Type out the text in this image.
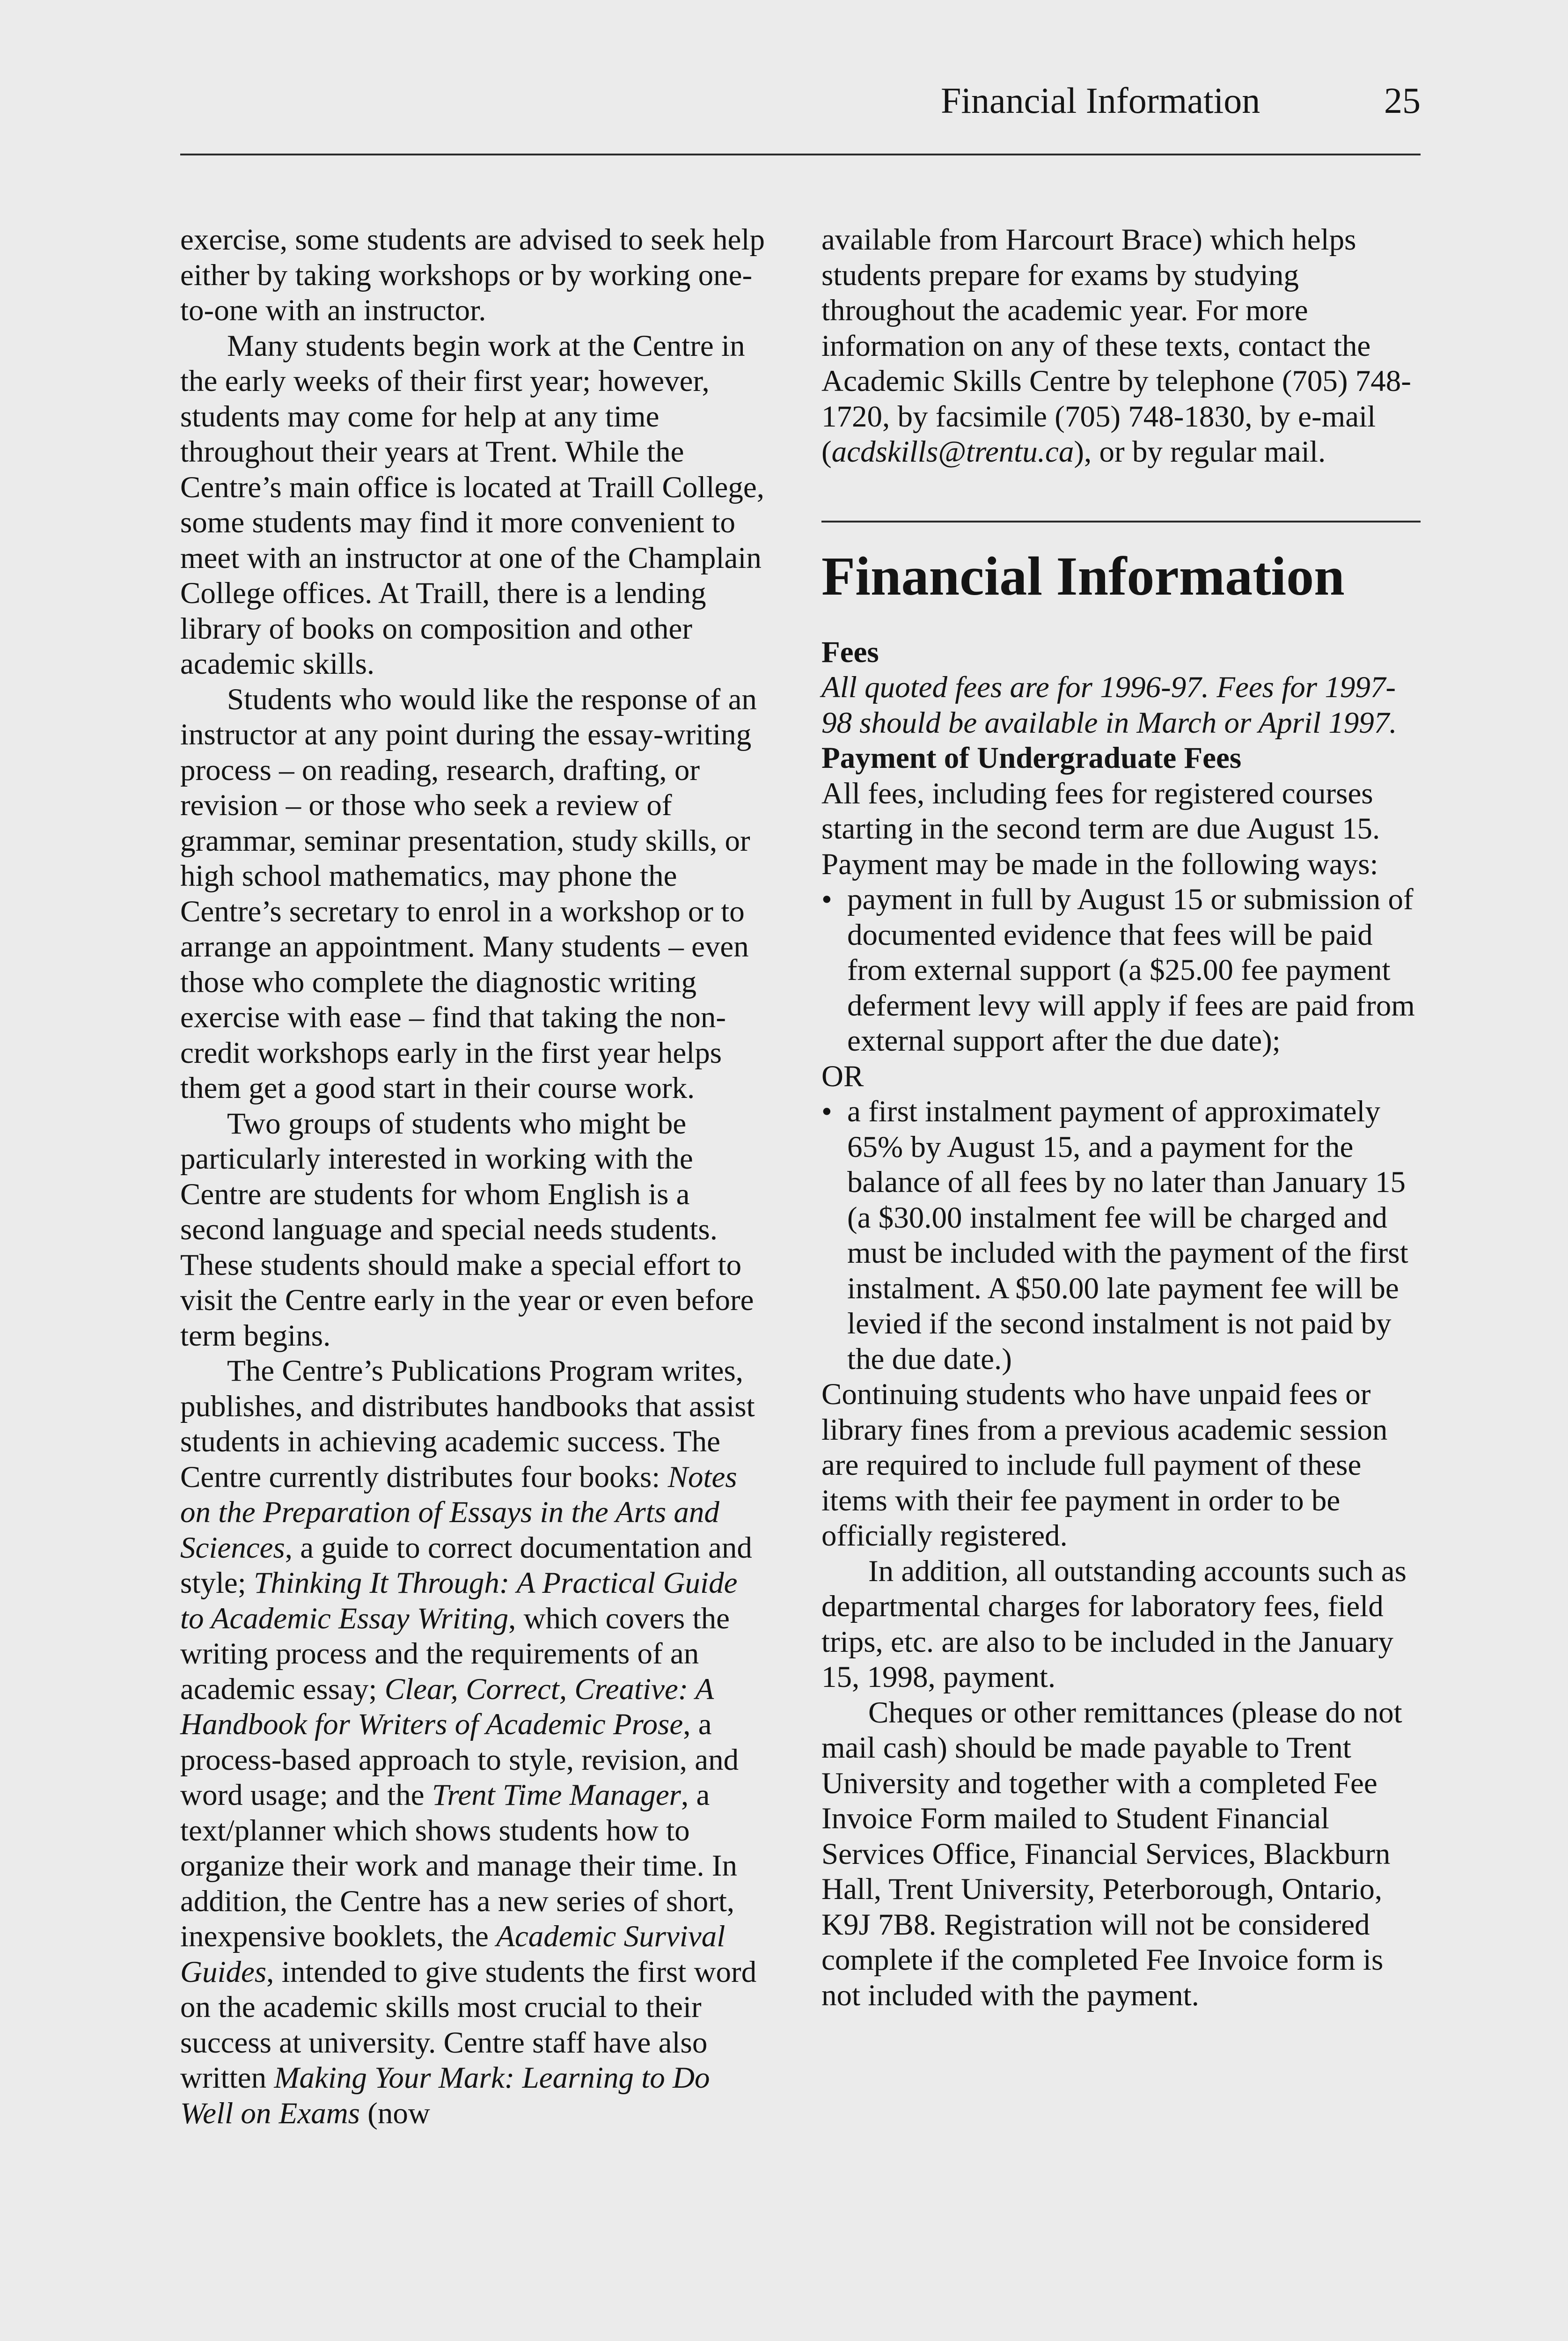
Financial Information	25

exercise, some students are advised to seek help either by taking workshops or by working one-to-one with an instructor.

Many students begin work at the Centre in the early weeks of their first year; however, students may come for help at any time throughout their years at Trent. While the Centre’s main office is located at Traill College, some students may find it more convenient to meet with an instructor at one of the Champlain College offices. At Traill, there is a lending library of books on composition and other academic skills.

Students who would like the response of an instructor at any point during the essay-writing process – on reading, research, drafting, or revision – or those who seek a review of grammar, seminar presentation, study skills, or high school mathematics, may phone the Centre’s secretary to enrol in a workshop or to arrange an appointment. Many students – even those who complete the diagnostic writing exercise with ease – find that taking the non-credit workshops early in the first year helps them get a good start in their course work.

Two groups of students who might be particularly interested in working with the Centre are students for whom English is a second language and special needs students. These students should make a special effort to visit the Centre early in the year or even before term begins.

The Centre’s Publications Program writes, publishes, and distributes handbooks that assist students in achieving academic success. The Centre currently distributes four books: Notes on the Preparation of Essays in the Arts and Sciences, a guide to correct documentation and style; Thinking It Through: A Practical Guide to Academic Essay Writing, which covers the writing process and the requirements of an academic essay; Clear, Correct, Creative: A Handbook for Writers of Academic Prose, a process-based approach to style, revision, and word usage; and the Trent Time Manager, a text/planner which shows students how to organize their work and manage their time. In addition, the Centre has a new series of short, inexpensive booklets, the Academic Survival Guides, intended to give students the first word on the academic skills most crucial to their success at university. Centre staff have also written Making Your Mark: Learning to Do Well on Exams (now

available from Harcourt Brace) which helps students prepare for exams by studying throughout the academic year. For more information on any of these texts, contact the Academic Skills Centre by telephone (705) 748-1720, by facsimile (705) 748-1830, by e-mail (acdskills@trentu.ca), or by regular mail.

Financial Information

Fees

All quoted fees are for 1996-97. Fees for 1997-98 should be available in March or April 1997.

Payment of Undergraduate Fees

All fees, including fees for registered courses starting in the second term are due August 15. Payment may be made in the following ways:

• payment in full by August 15 or submission of documented evidence that fees will be paid from external support (a $25.00 fee payment deferment levy will apply if fees are paid from external support after the due date);

OR

• a first instalment payment of approximately 65% by August 15, and a payment for the balance of all fees by no later than January 15 (a $30.00 instalment fee will be charged and must be included with the payment of the first instalment. A $50.00 late payment fee will be levied if the second instalment is not paid by the due date.)

Continuing students who have unpaid fees or library fines from a previous academic session are required to include full payment of these items with their fee payment in order to be officially registered.

In addition, all outstanding accounts such as departmental charges for laboratory fees, field trips, etc. are also to be included in the January 15, 1998, payment.

Cheques or other remittances (please do not mail cash) should be made payable to Trent University and together with a completed Fee Invoice Form mailed to Student Financial Services Office, Financial Services, Blackburn Hall, Trent University, Peterborough, Ontario, K9J 7B8. Registration will not be considered complete if the completed Fee Invoice form is not included with the payment.
